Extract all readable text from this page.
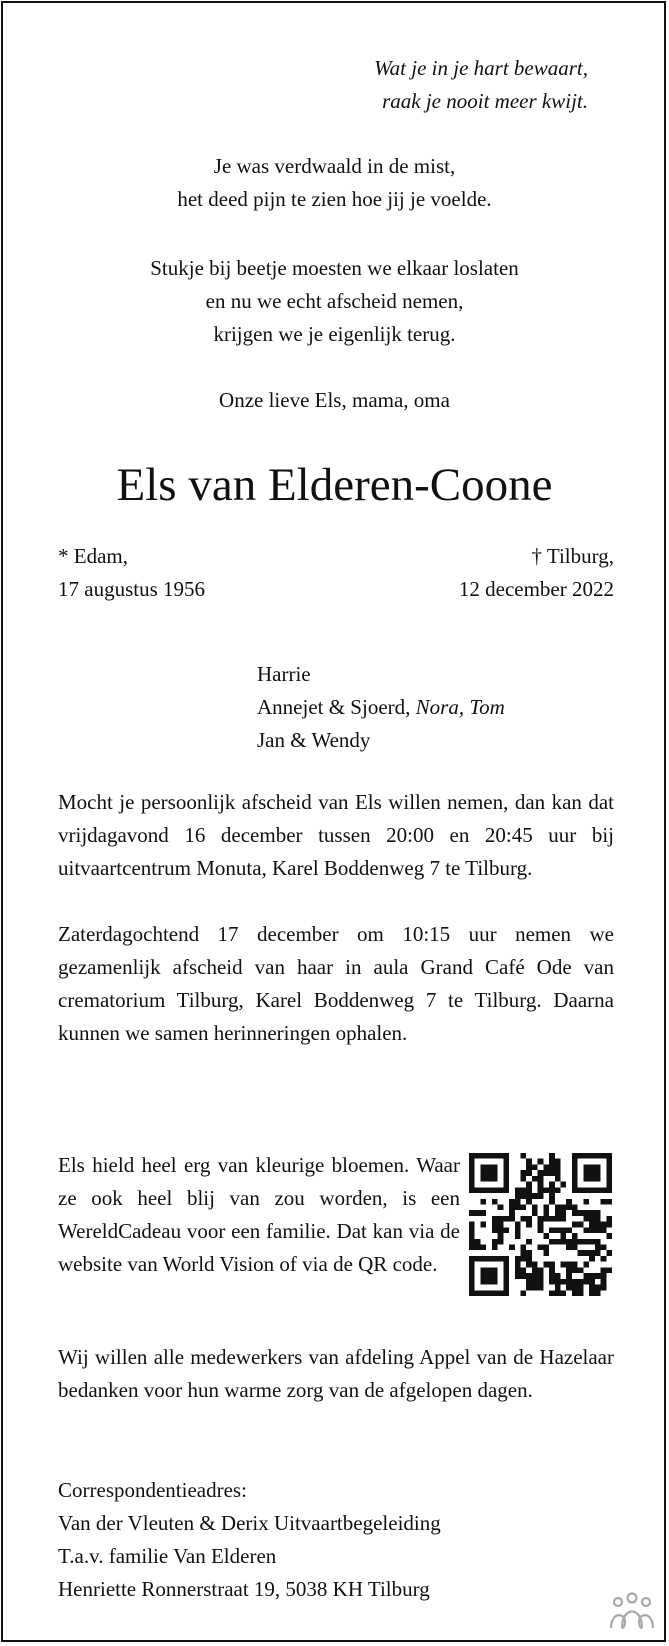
Wat je in je hart bewaart,
raak je nooit meer kwijt.
Je was verdwaald in de mist,
het deed pijn te zien hoe jij je voelde.
Stukje bij beetje moesten we elkaar loslaten
en nu we echt afscheid nemen,
krijgen we je eigenlijk terug.
Onze lieve Els, mama, oma
Els van Elderen-Coone
* Edam,
17 augustus 1956
† Tilburg,
12 december 2022
Harrie
Annejet & Sjoerd, Nora, Tom
Jan & Wendy
Mocht je persoonlijk afscheid van Els willen nemen, dan kan dat vrijdagavond 16 december tussen 20:00 en 20:45 uur bij uitvaartcentrum Monuta, Karel Boddenweg 7 te Tilburg.
Zaterdagochtend 17 december om 10:15 uur nemen we gezamenlijk afscheid van haar in aula Grand Café Ode van crematorium Tilburg, Karel Boddenweg 7 te Tilburg. Daarna kunnen we samen herinneringen ophalen.
Els hield heel erg van kleurige bloemen. Waar ze ook heel blij van zou worden, is een WereldCadeau voor een familie. Dat kan via de website van World Vision of via de QR code.
Wij willen alle medewerkers van afdeling Appel van de Hazelaar bedanken voor hun warme zorg van de afgelopen dagen.
Correspondentieadres:
Van der Vleuten & Derix Uitvaartbegeleiding
T.a.v. familie Van Elderen
Henriette Ronnerstraat 19, 5038 KH Tilburg
